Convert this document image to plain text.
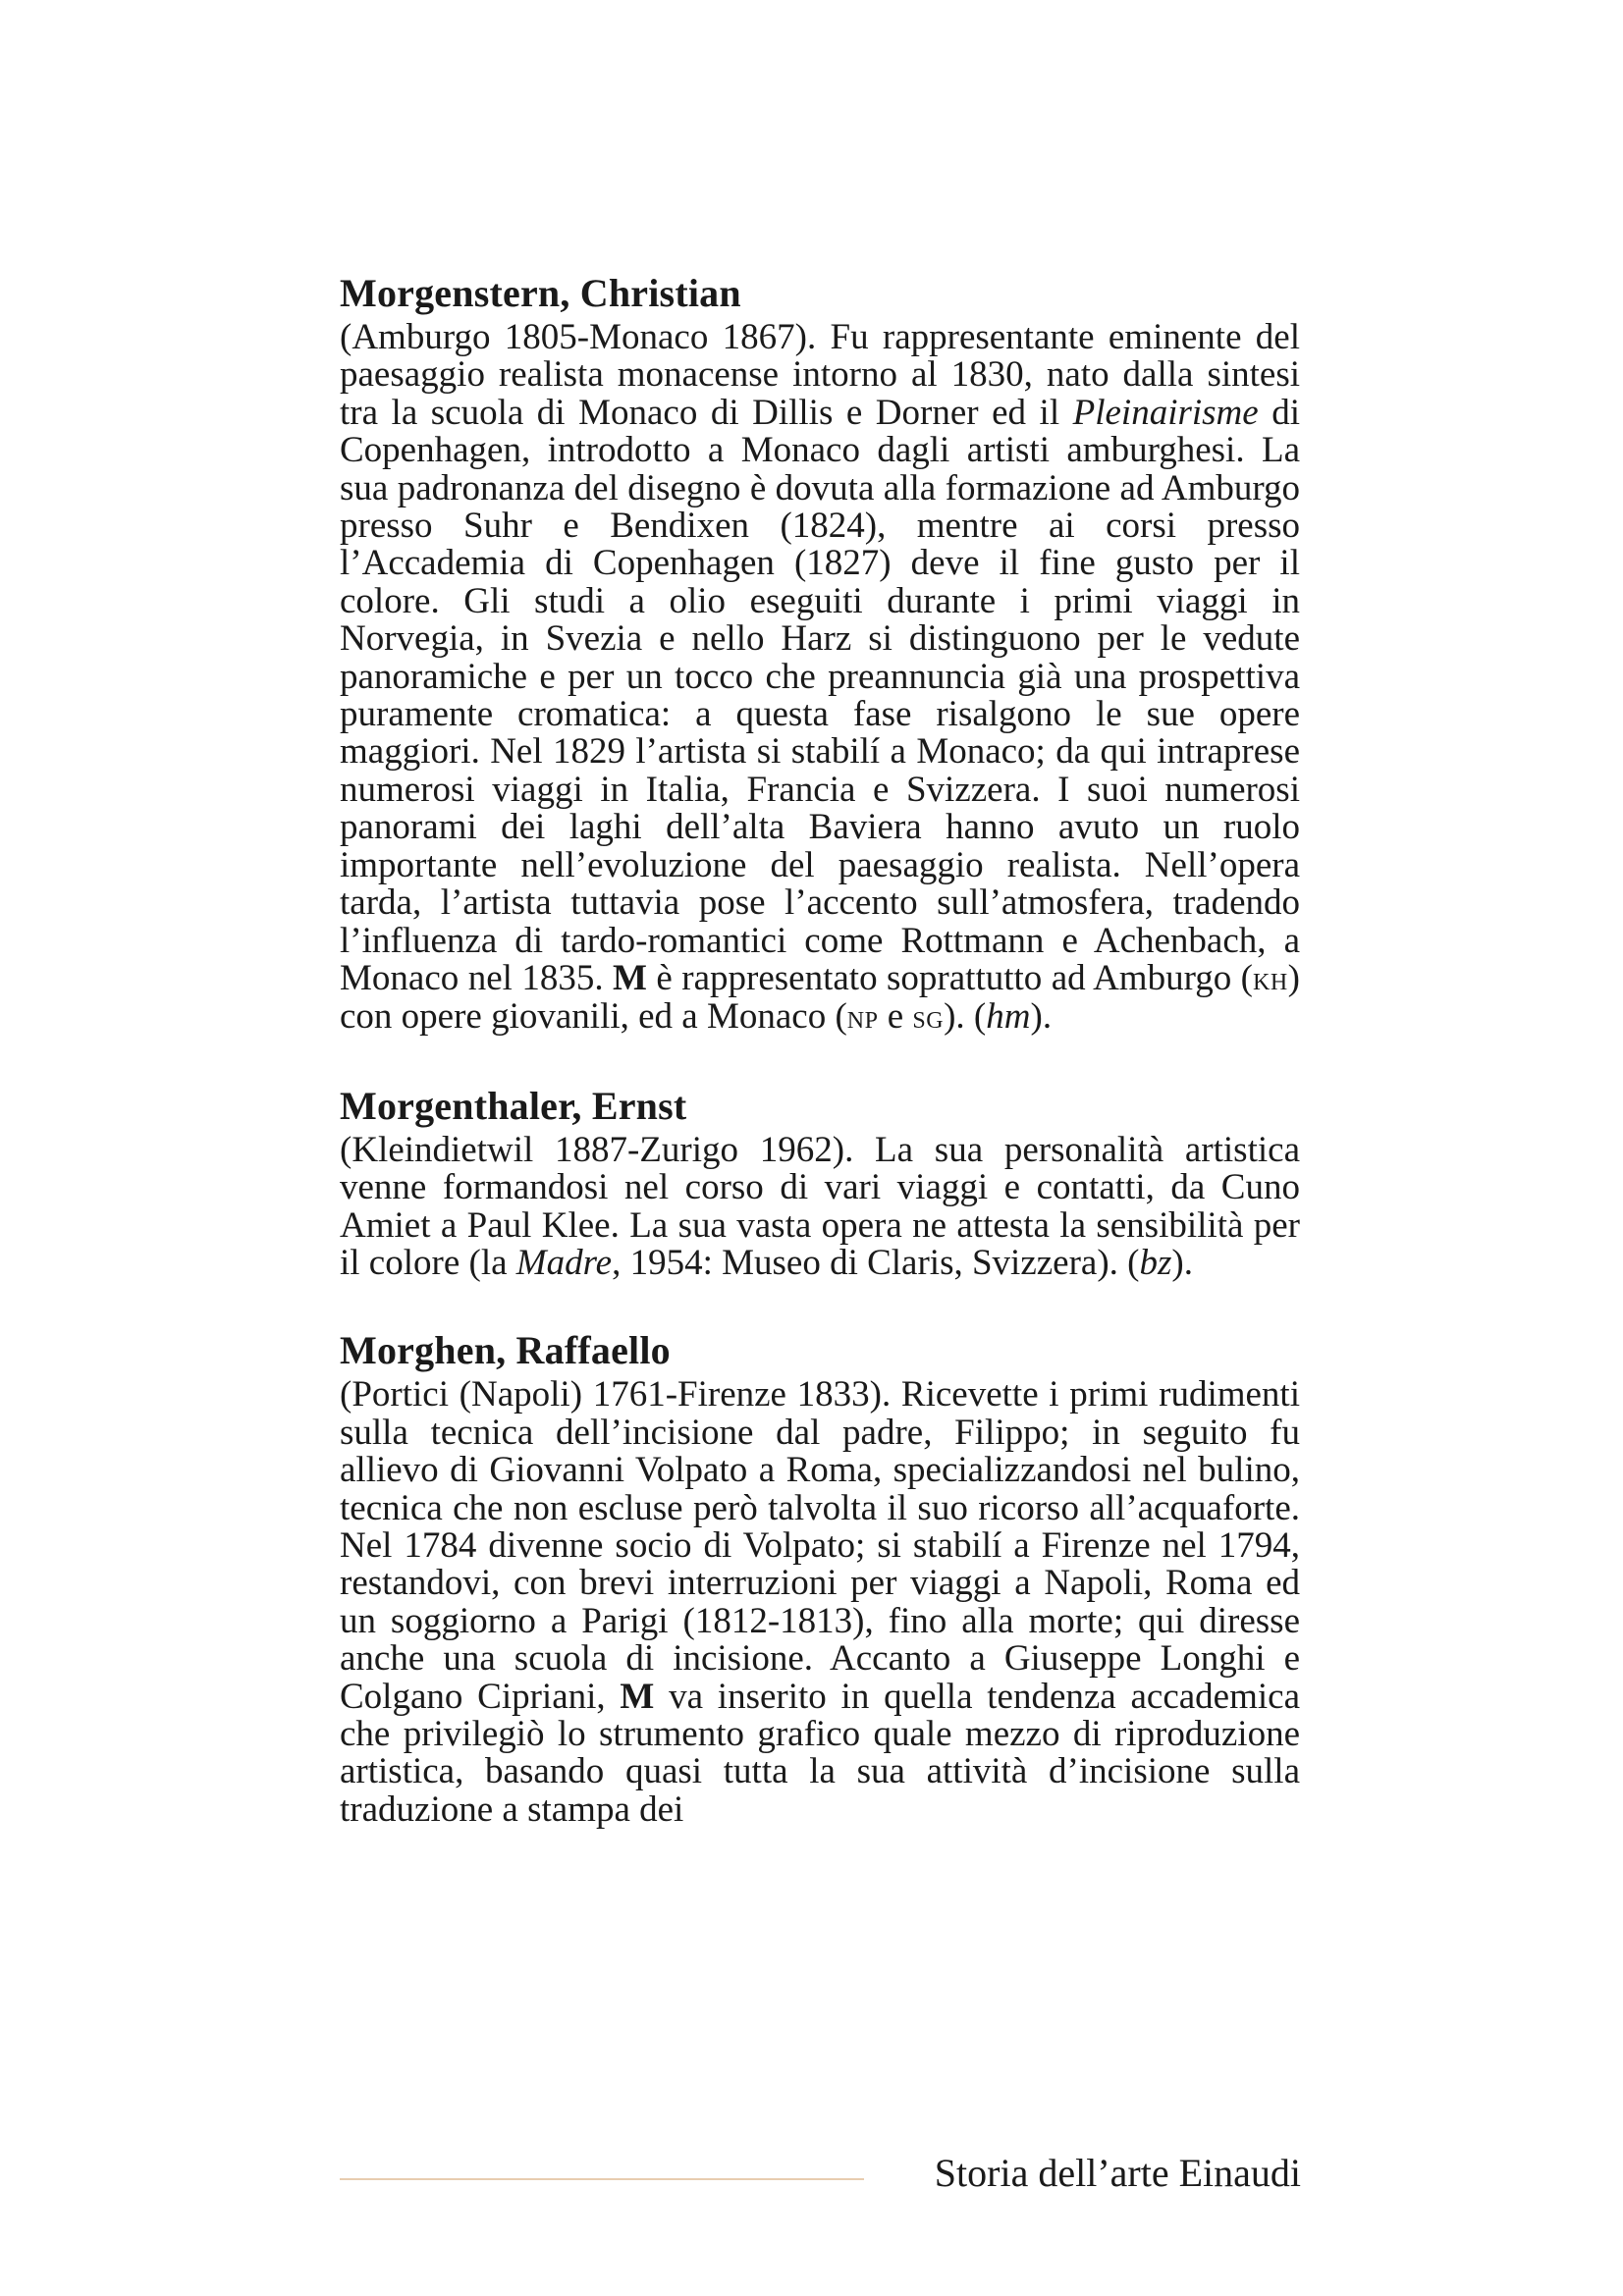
Morgenstern, Christian

(Amburgo 1805-Monaco 1867). Fu rappresentante eminente del paesaggio realista monacense intorno al 1830, nato dalla sintesi tra la scuola di Monaco di Dillis e Dorner ed il Pleinairisme di Copenhagen, introdotto a Monaco dagli artisti amburghesi. La sua padronanza del disegno è dovuta alla formazione ad Amburgo presso Suhr e Bendixen (1824), mentre ai corsi presso l’Accademia di Copenhagen (1827) deve il fine gusto per il colore. Gli studi a olio eseguiti durante i primi viaggi in Norvegia, in Svezia e nello Harz si distinguono per le vedute panoramiche e per un tocco che preannuncia già una prospettiva puramente cromatica: a questa fase risalgono le sue opere maggiori. Nel 1829 l’artista si stabilí a Monaco; da qui intraprese numerosi viaggi in Italia, Francia e Svizzera. I suoi numerosi panorami dei laghi dell’alta Baviera hanno avuto un ruolo importante nell’evoluzione del paesaggio realista. Nell’opera tarda, l’artista tuttavia pose l’accento sull’atmosfera, tradendo l’influenza di tardo-romantici come Rottmann e Achenbach, a Monaco nel 1835. M è rappresentato soprattutto ad Amburgo (kh) con opere giovanili, ed a Monaco (np e sg). (hm).

Morgenthaler, Ernst

(Kleindietwil 1887-Zurigo 1962). La sua personalità artistica venne formandosi nel corso di vari viaggi e contatti, da Cuno Amiet a Paul Klee. La sua vasta opera ne attesta la sensibilità per il colore (la Madre, 1954: Museo di Claris, Svizzera). (bz).

Morghen, Raffaello

(Portici (Napoli) 1761-Firenze 1833). Ricevette i primi rudimenti sulla tecnica dell’incisione dal padre, Filippo; in seguito fu allievo di Giovanni Volpato a Roma, specializzandosi nel bulino, tecnica che non escluse però talvolta il suo ricorso all’acquaforte. Nel 1784 divenne socio di Volpato; si stabilí a Firenze nel 1794, restandovi, con brevi interruzioni per viaggi a Napoli, Roma ed un soggiorno a Parigi (1812-1813), fino alla morte; qui diresse anche una scuola di incisione. Accanto a Giuseppe Longhi e Colgano Cipriani, M va inserito in quella tendenza accademica che privilegiò lo strumento grafico quale mezzo di riproduzione artistica, basando quasi tutta la sua attività d’incisione sulla traduzione a stampa dei

Storia dell’arte Einaudi
